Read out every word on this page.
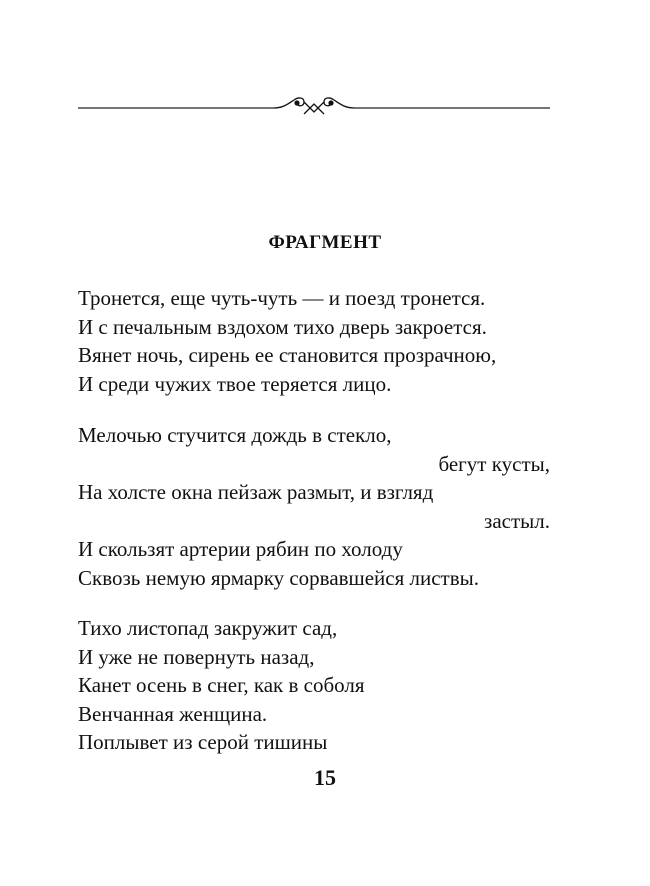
ФРАГМЕНТ
Тронется, еще чуть-чуть — и поезд тронется.
И с печальным вздохом тихо дверь закроется.
Вянет ночь, сирень ее становится прозрачною,
И среди чужих твое теряется лицо.
Мелочью стучится дождь в стекло,
бегут кусты,
На холсте окна пейзаж размыт, и взгляд
застыл.
И скользят артерии рябин по холоду
Сквозь немую ярмарку сорвавшейся листвы.
Тихо листопад закружит сад,
И уже не повернуть назад,
Канет осень в снег, как в соболя
Венчанная женщина.
Поплывет из серой тишины
15
